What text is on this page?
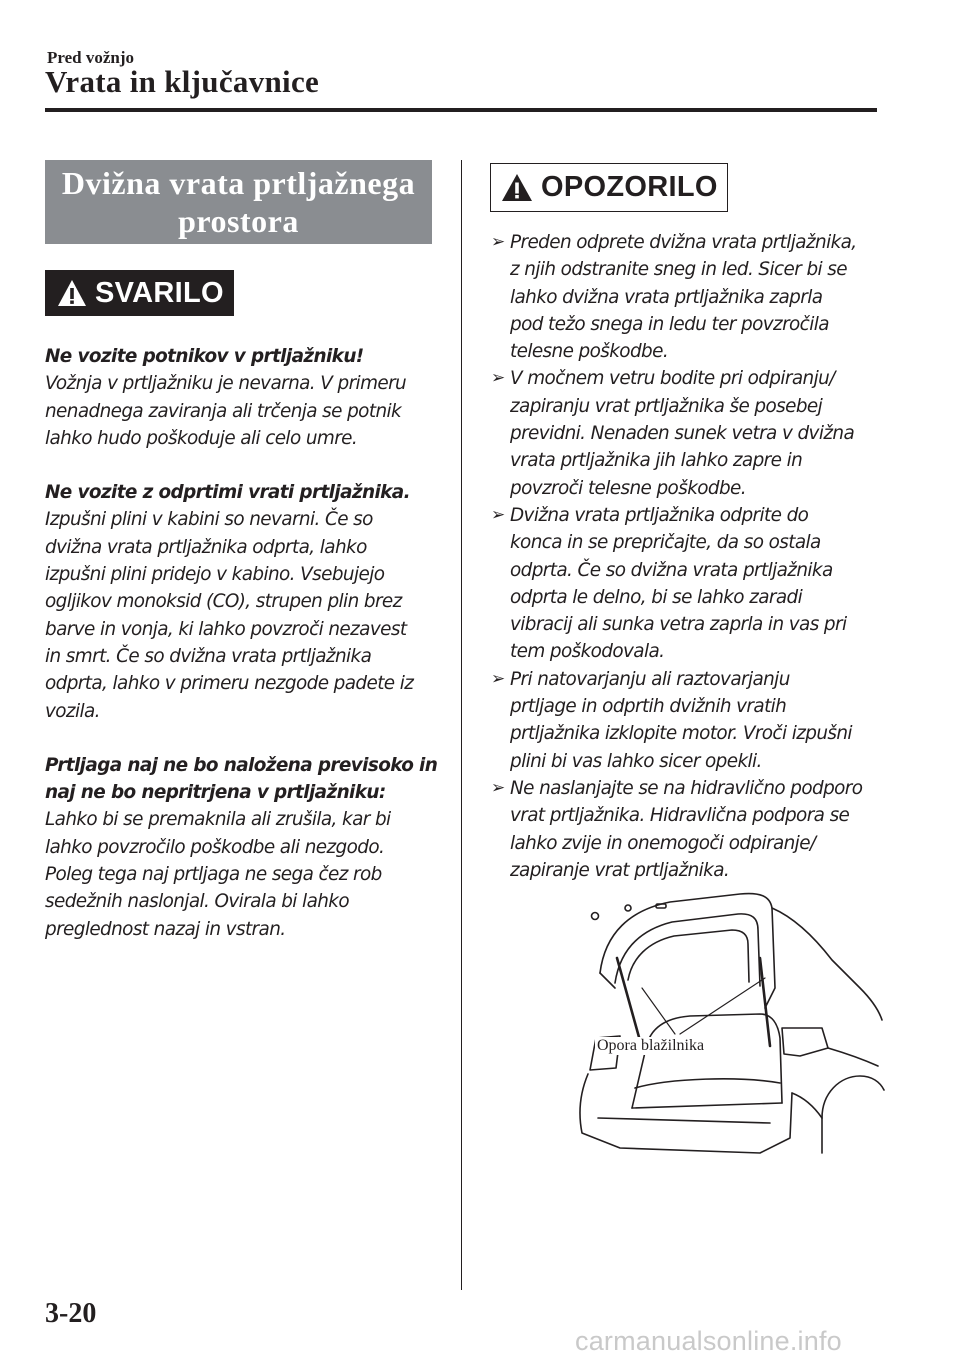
Pred vožnjo
Vrata in ključavnice
Dvižna vrata prtljažnega
prostora
SVARILO

Ne vozite potnikov v prtljažniku!

Vožnja v prtljažniku je nevarna. V primeru

nenadnega zaviranja ali trčenja se potnik

lahko hudo poškoduje ali celo umre.

Ne vozite z odprtimi vrati prtljažnika.

Izpušni plini v kabini so nevarni. Če so

dvižna vrata prtljažnika odprta, lahko

izpušni plini pridejo v kabino. Vsebujejo

ogljikov monoksid (CO), strupen plin brez

barve in vonja, ki lahko povzroči nezavest

in smrt. Če so dvižna vrata prtljažnika

odprta, lahko v primeru nezgode padete iz

vozila.

Prtljaga naj ne bo naložena previsoko in

naj ne bo nepritrjena v prtljažniku:

Lahko bi se premaknila ali zrušila, kar bi

lahko povzročilo poškodbe ali nezgodo.

Poleg tega naj prtljaga ne sega čez rob

sedežnih naslonjal. Ovirala bi lahko

preglednost nazaj in vstran.

OPOZORILO
➢ Preden odprete dvižna vrata prtljažnika,
z njih odstranite sneg in led. Sicer bi se
lahko dvižna vrata prtljažnika zaprla
pod težo snega in ledu ter povzročila
telesne poškodbe.
➢ V močnem vetru bodite pri odpiranju/
zapiranju vrat prtljažnika še posebej
previdni. Nenaden sunek vetra v dvižna
vrata prtljažnika jih lahko zapre in
povzroči telesne poškodbe.
➢ Dvižna vrata prtljažnika odprite do
konca in se prepričajte, da so ostala
odprta. Če so dvižna vrata prtljažnika
odprta le delno, bi se lahko zaradi
vibracij ali sunka vetra zaprla in vas pri
tem poškodovala.
➢ Pri natovarjanju ali raztovarjanju
prtljage in odprtih dvižnih vratih
prtljažnika izklopite motor. Vroči izpušni
plini bi vas lahko sicer opekli.
➢ Ne naslanjajte se na hidravlično podporo
vrat prtljažnika. Hidravlična podpora se
lahko zvije in onemogoči odpiranje/
zapiranje vrat prtljažnika.
Opora blažilnika
3-20
carmanualsonline.info
